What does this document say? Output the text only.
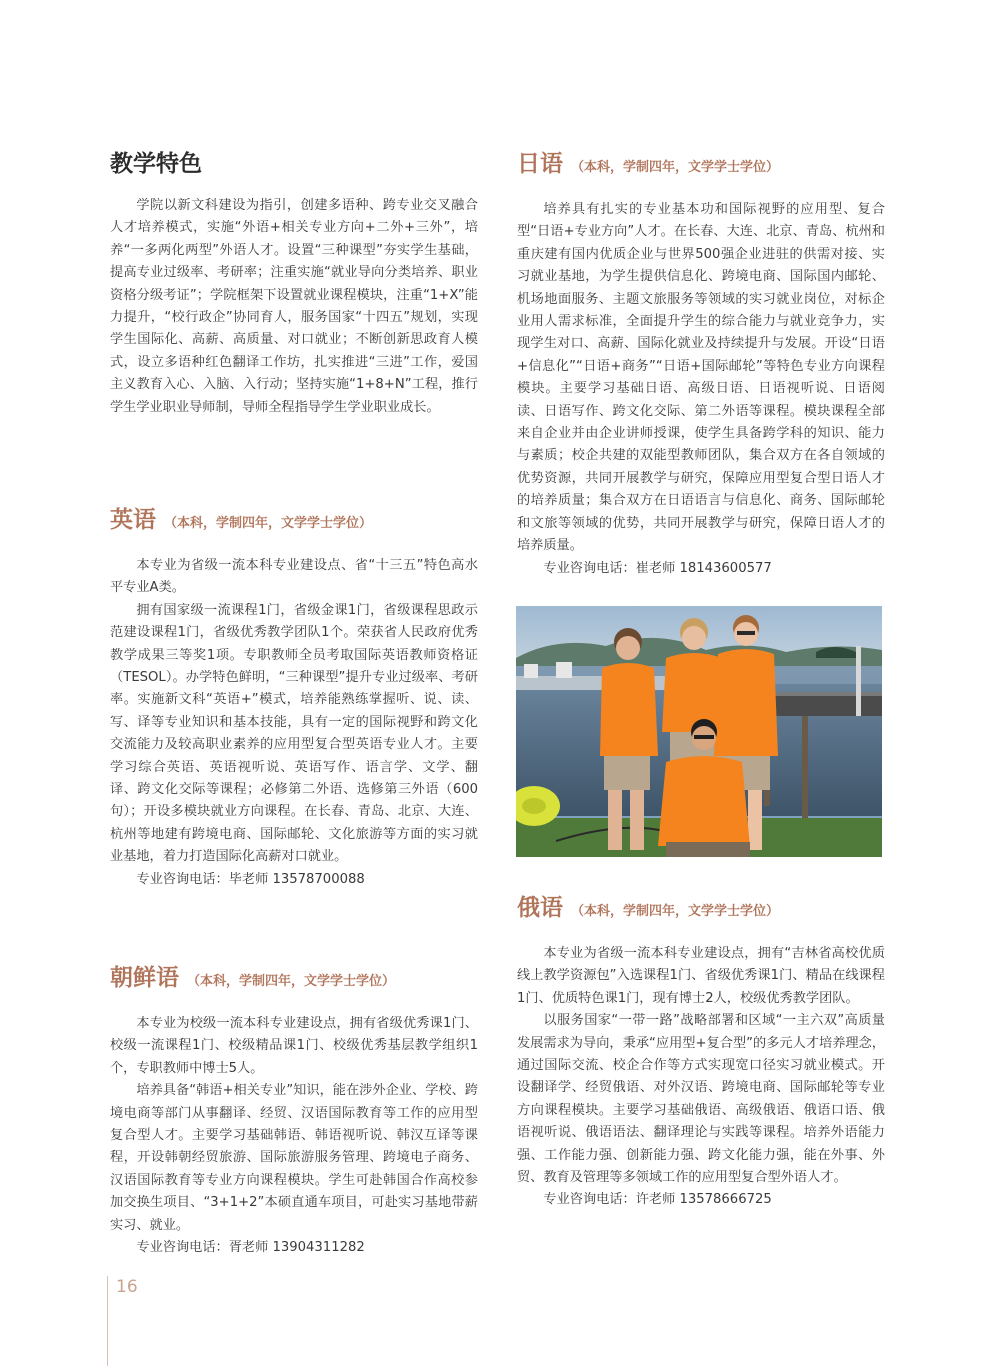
教学特色

学院以新文科建设为指引，创建多语种、跨专业交叉融合人才培养模式，实施“外语+相关专业方向+二外+三外”，培养“一多两化两型”外语人才。设置“三种课型”夯实学生基础，提高专业过级率、考研率；注重实施“就业导向分类培养、职业资格分级考证”；学院框架下设置就业课程模块，注重“1+X”能力提升，“校行政企”协同育人，服务国家“十四五”规划，实现学生国际化、高薪、高质量、对口就业；不断创新思政育人模式，设立多语种红色翻译工作坊，扎实推进“三进”工作，爱国主义教育入心、入脑、入行动；坚持实施“1+8+N”工程，推行学生学业职业导师制，导师全程指导学生学业职业成长。

英语 （本科，学制四年，文学学士学位）

本专业为省级一流本科专业建设点、省“十三五”特色高水平专业A类。

拥有国家级一流课程1门，省级金课1门，省级课程思政示范建设课程1门，省级优秀教学团队1个。荣获省人民政府优秀教学成果三等奖1项。专职教师全员考取国际英语教师资格证（TESOL）。办学特色鲜明，“三种课型”提升专业过级率、考研率。实施新文科“英语+”模式，培养能熟练掌握听、说、读、写、译等专业知识和基本技能，具有一定的国际视野和跨文化交流能力及较高职业素养的应用型复合型英语专业人才。主要学习综合英语、英语视听说、英语写作、语言学、文学、翻译、跨文化交际等课程；必修第二外语、选修第三外语（600句）；开设多模块就业方向课程。在长春、青岛、北京、大连、杭州等地建有跨境电商、国际邮轮、文化旅游等方面的实习就业基地，着力打造国际化高薪对口就业。

专业咨询电话：毕老师 13578700088

朝鲜语 （本科，学制四年，文学学士学位）

本专业为校级一流本科专业建设点，拥有省级优秀课1门、校级一流课程1门、校级精品课1门、校级优秀基层教学组织1个，专职教师中博士5人。

培养具备“韩语+相关专业”知识，能在涉外企业、学校、跨境电商等部门从事翻译、经贸、汉语国际教育等工作的应用型复合型人才。主要学习基础韩语、韩语视听说、韩汉互译等课程，开设韩朝经贸旅游、国际旅游服务管理、跨境电子商务、汉语国际教育等专业方向课程模块。学生可赴韩国合作高校参加交换生项目、“3+1+2”本硕直通车项目，可赴实习基地带薪实习、就业。

专业咨询电话：胥老师 13904311282

日语 （本科，学制四年，文学学士学位）

培养具有扎实的专业基本功和国际视野的应用型、复合型“日语+专业方向”人才。在长春、大连、北京、青岛、杭州和重庆建有国内优质企业与世界500强企业进驻的供需对接、实习就业基地，为学生提供信息化、跨境电商、国际国内邮轮、机场地面服务、主题文旅服务等领域的实习就业岗位，对标企业用人需求标准，全面提升学生的综合能力与就业竞争力，实现学生对口、高薪、国际化就业及持续提升与发展。开设“日语+信息化”“日语+商务”“日语+国际邮轮”等特色专业方向课程模块。主要学习基础日语、高级日语、日语视听说、日语阅读、日语写作、跨文化交际、第二外语等课程。模块课程全部来自企业并由企业讲师授课，使学生具备跨学科的知识、能力与素质；校企共建的双能型教师团队，集合双方在各自领域的优势资源，共同开展教学与研究，保障应用型复合型日语人才的培养质量；集合双方在日语语言与信息化、商务、国际邮轮和文旅等领域的优势，共同开展教学与研究，保障日语人才的培养质量。

专业咨询电话：崔老师 18143600577

俄语 （本科，学制四年，文学学士学位）

本专业为省级一流本科专业建设点，拥有“吉林省高校优质线上教学资源包”入选课程1门、省级优秀课1门、精品在线课程1门、优质特色课1门，现有博士2人，校级优秀教学团队。

以服务国家“一带一路”战略部署和区域“一主六双”高质量发展需求为导向，秉承“应用型+复合型”的多元人才培养理念，通过国际交流、校企合作等方式实现宽口径实习就业模式。开设翻译学、经贸俄语、对外汉语、跨境电商、国际邮轮等专业方向课程模块。主要学习基础俄语、高级俄语、俄语口语、俄语视听说、俄语语法、翻译理论与实践等课程。培养外语能力强、工作能力强、创新能力强、跨文化能力强，能在外事、外贸、教育及管理等多领域工作的应用型复合型外语人才。

专业咨询电话：许老师 13578666725

16
